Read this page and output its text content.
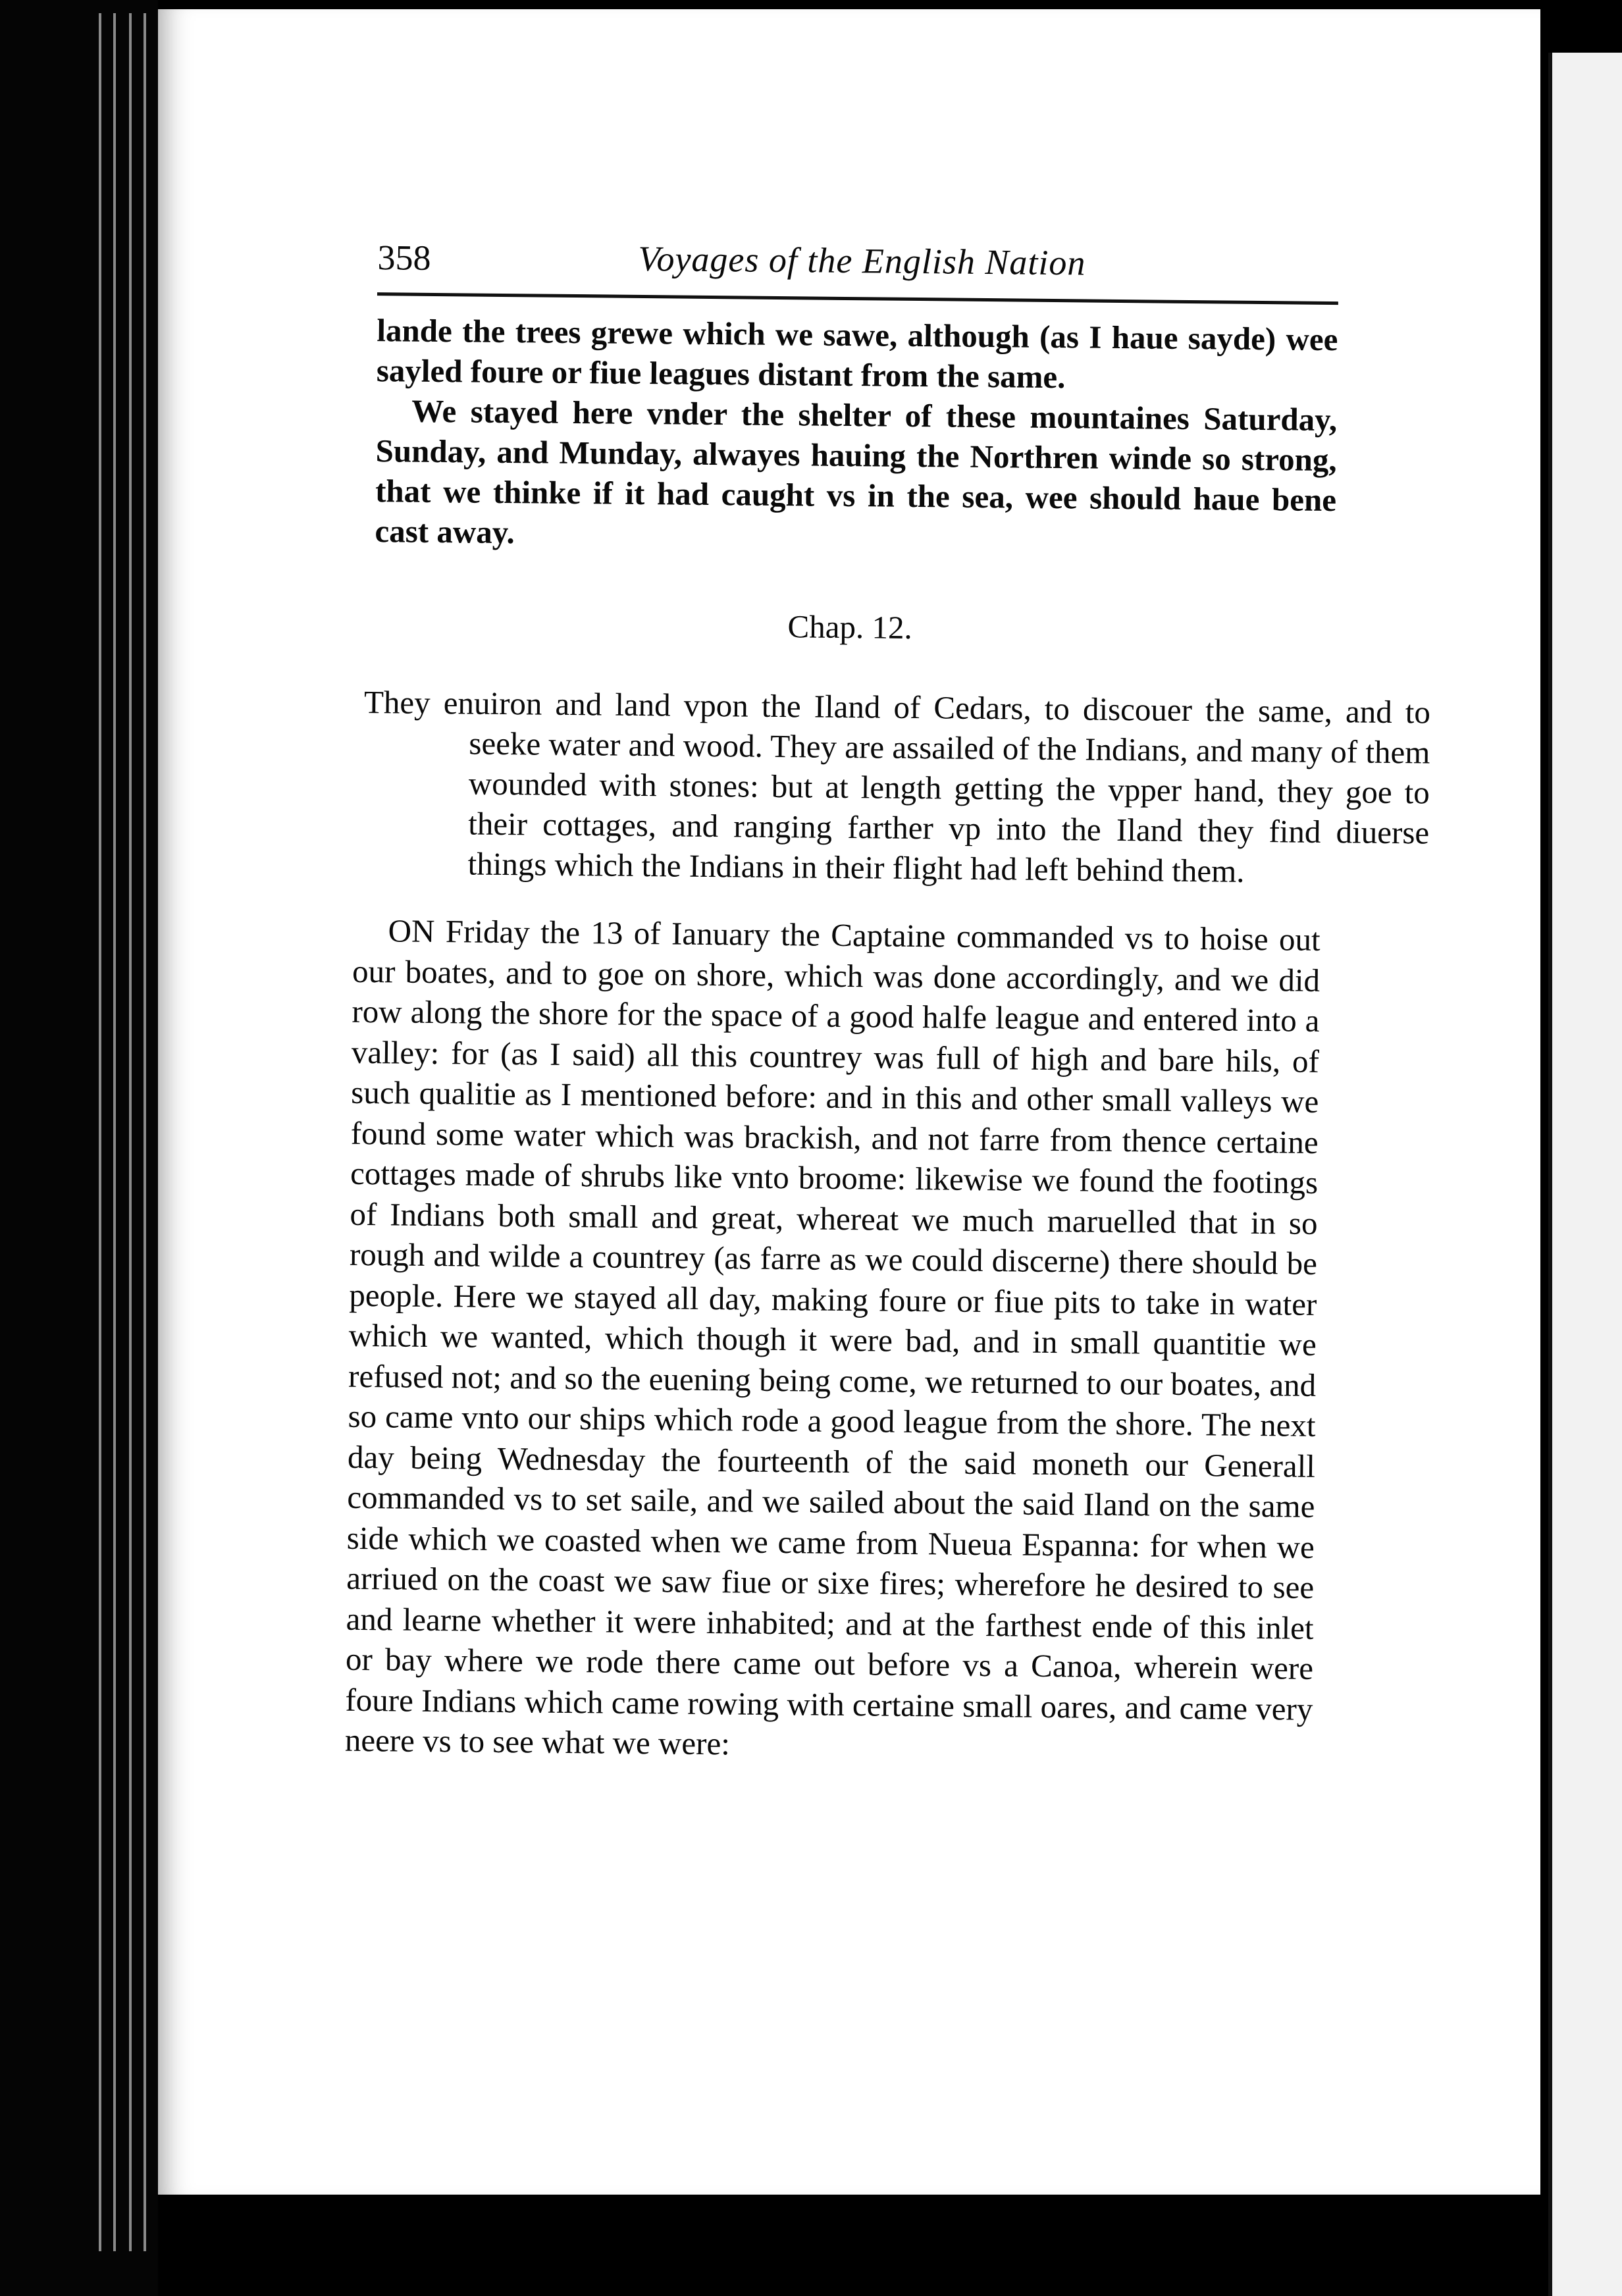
358	Voyages of the English Nation

lande the trees grewe which we sawe, although (as I haue sayde) wee sayled foure or fiue leagues distant from the same.

We stayed here vnder the shelter of these mountaines Saturday, Sunday, and Munday, alwayes hauing the Northren winde so strong, that we thinke if it had caught vs in the sea, wee should haue bene cast away.

Chap. 12.
They enuiron and land vpon the Iland of Cedars, to discouer the same, and to seeke water and wood. They are assailed of the Indians, and many of them wounded with stones: but at length getting the vpper hand, they goe to their cottages, and ranging farther vp into the Iland they find diuerse things which the Indians in their flight had left behind them.

ON Friday the 13 of Ianuary the Captaine commanded vs to hoise out our boates, and to goe on shore, which was done accordingly, and we did row along the shore for the space of a good halfe league and entered into a valley: for (as I said) all this countrey was full of high and bare hils, of such qualitie as I mentioned before: and in this and other small valleys we found some water which was brackish, and not farre from thence certaine cottages made of shrubs like vnto broome: likewise we found the footings of Indians both small and great, whereat we much maruelled that in so rough and wilde a countrey (as farre as we could discerne) there should be people. Here we stayed all day, making foure or fiue pits to take in water which we wanted, which though it were bad, and in small quantitie we refused not; and so the euening being come, we returned to our boates, and so came vnto our ships which rode a good league from the shore. The next day being Wednesday the fourteenth of the said moneth our Generall commanded vs to set saile, and we sailed about the said Iland on the same side which we coasted when we came from Nueua Espanna: for when we arriued on the coast we saw fiue or sixe fires; wherefore he desired to see and learne whether it were inhabited; and at the farthest ende of this inlet or bay where we rode there came out before vs a Canoa, wherein were foure Indians which came rowing with certaine small oares, and came very neere vs to see what we were:
